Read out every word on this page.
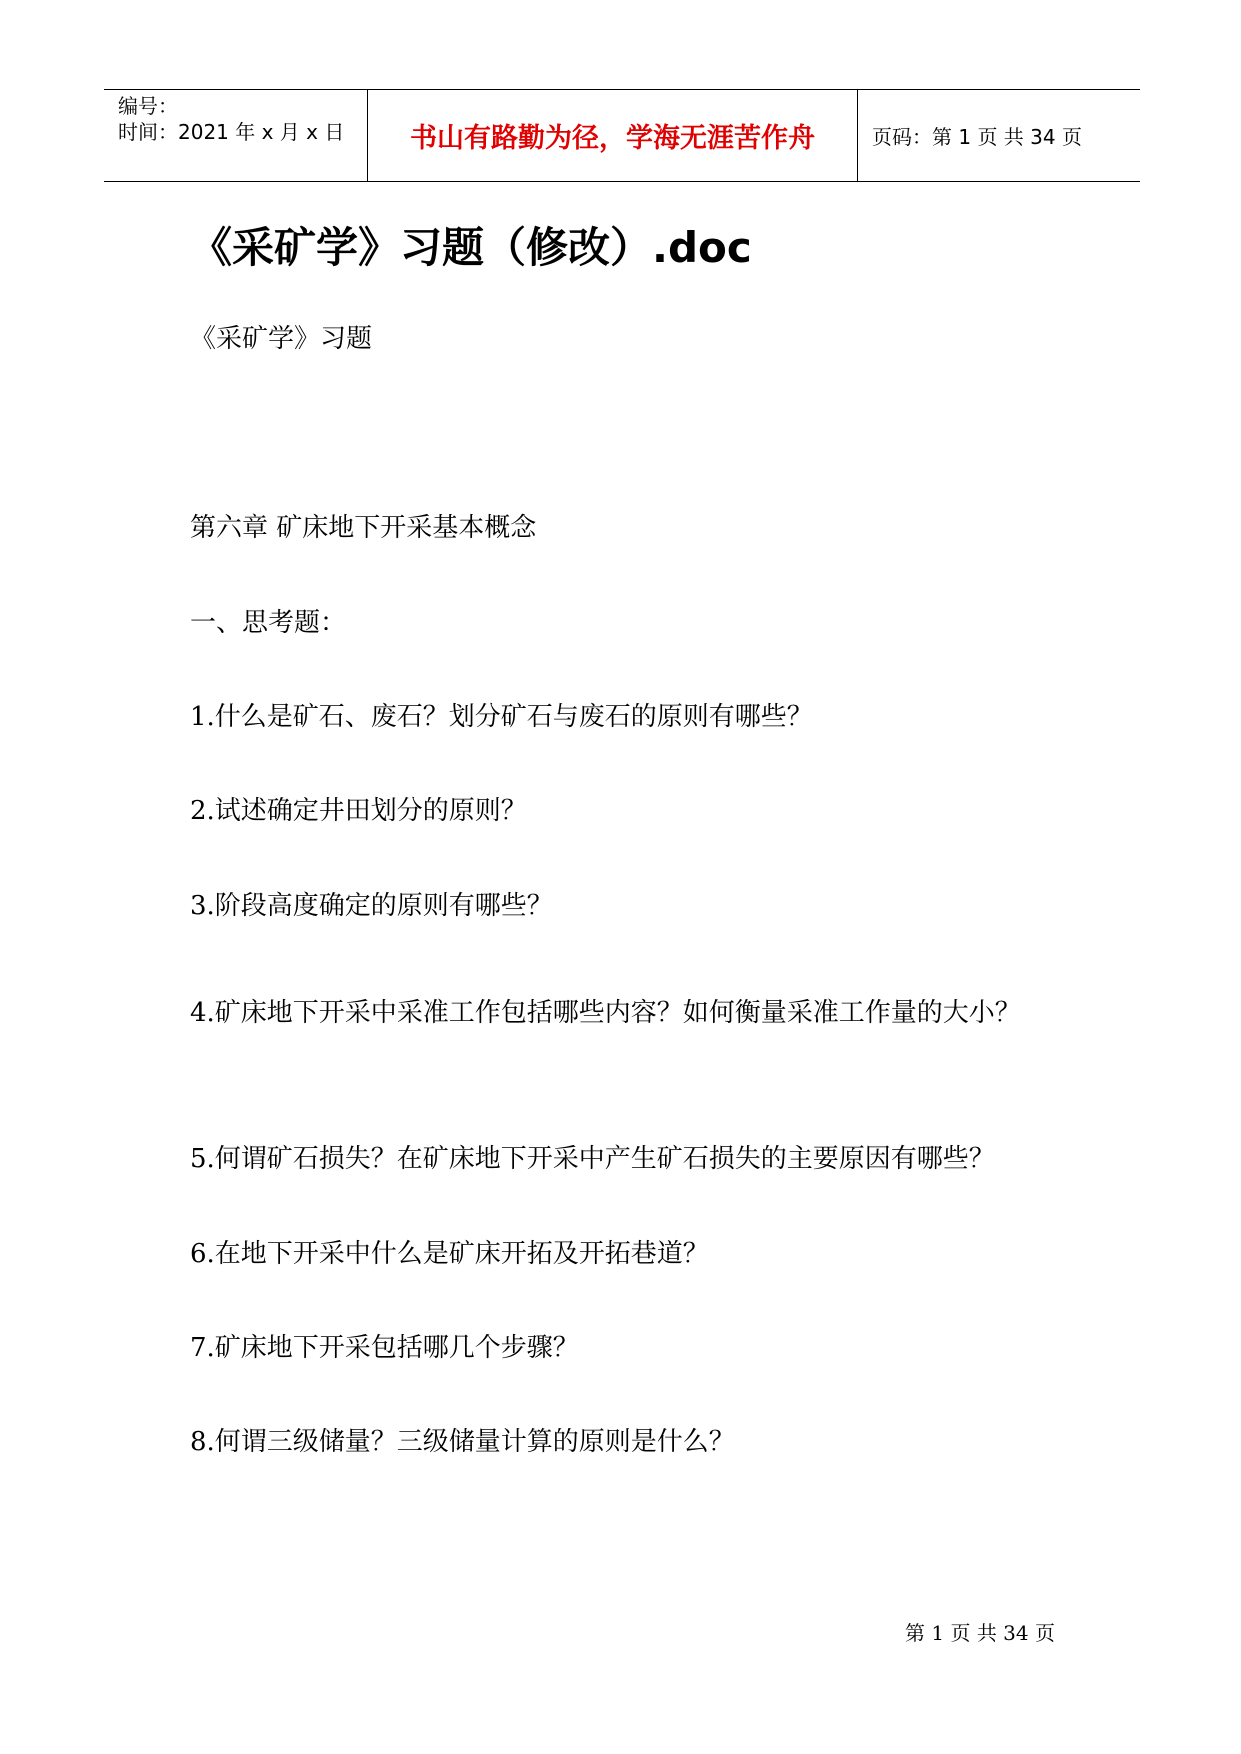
编号：
时间：2021 年 x 月 x 日 书山有路勤为径，学海无涯苦作舟	页码：第 1 页 共 34 页
《采矿学》习题（修改）.doc
《采矿学》习题
第六章 矿床地下开采基本概念
一、思考题：
1.什么是矿石、废石？划分矿石与废石的原则有哪些？
2.试述确定井田划分的原则？
3.阶段高度确定的原则有哪些？
4.矿床地下开采中采准工作包括哪些内容？如何衡量采准工作量的大小？
5.何谓矿石损失？在矿床地下开采中产生矿石损失的主要原因有哪些？
6.在地下开采中什么是矿床开拓及开拓巷道？
7.矿床地下开采包括哪几个步骤？
8.何谓三级储量？三级储量计算的原则是什么？
第 1 页 共 34 页
